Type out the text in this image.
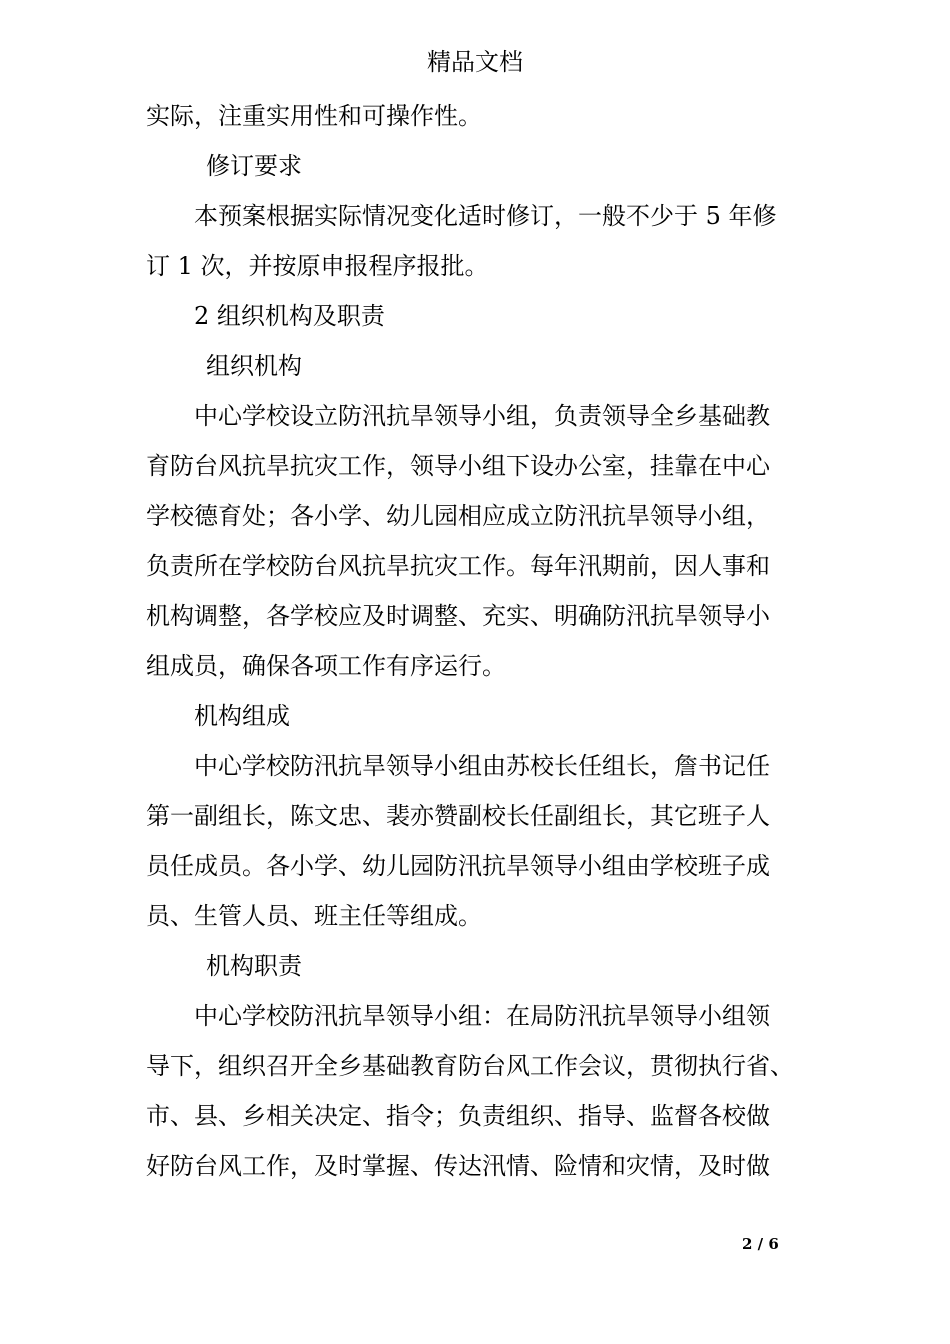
精品文档
实际，注重实用性和可操作性。
修订要求
本预案根据实际情况变化适时修订，一般不少于 5 年修
订 1 次，并按原申报程序报批。
2 组织机构及职责
组织机构
中心学校设立防汛抗旱领导小组，负责领导全乡基础教
育防台风抗旱抗灾工作，领导小组下设办公室，挂靠在中心
学校德育处；各小学、幼儿园相应成立防汛抗旱领导小组，
负责所在学校防台风抗旱抗灾工作。每年汛期前，因人事和
机构调整，各学校应及时调整、充实、明确防汛抗旱领导小
组成员，确保各项工作有序运行。
机构组成
中心学校防汛抗旱领导小组由苏校长任组长，詹书记任
第一副组长，陈文忠、裴亦赞副校长任副组长，其它班子人
员任成员。各小学、幼儿园防汛抗旱领导小组由学校班子成
员、生管人员、班主任等组成。
机构职责
中心学校防汛抗旱领导小组：在局防汛抗旱领导小组领
导下，组织召开全乡基础教育防台风工作会议，贯彻执行省、
市、县、乡相关决定、指令；负责组织、指导、监督各校做
好防台风工作，及时掌握、传达汛情、险情和灾情，及时做
2 / 6
